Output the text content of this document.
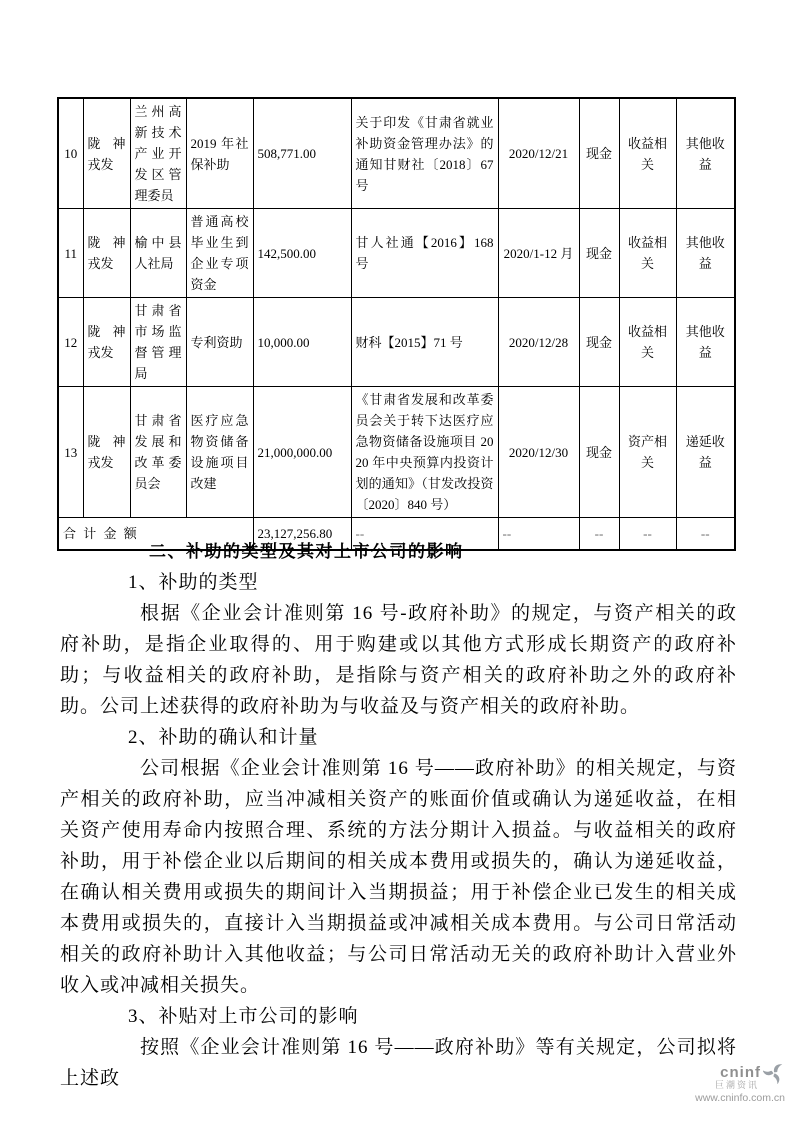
10	陇神戎发	兰州高新技术产业开发区管理委员	2019 年社保补助	508,771.00	关于印发《甘肃省就业补助资金管理办法》的通知甘财社〔2018〕67 号	2020/12/21	现金	收益相关	其他收益
11	陇神戎发	榆中县人社局	普通高校毕业生到企业专项资金	142,500.00	甘人社通【2016】168 号	2020/1-12 月	现金	收益相关	其他收益
12	陇神戎发	甘肃省市场监督管理局	专利资助	10,000.00	财科【2015】71 号	2020/12/28	现金	收益相关	其他收益
13	陇神戎发	甘肃省发展和改革委员会	医疗应急物资储备设施项目改建	21,000,000.00	《甘肃省发展和改革委员会关于转下达医疗应急物资储备设施项目 2020 年中央预算内投资计划的通知》（甘发改投资〔2020〕840 号）	2020/12/30	现金	资产相关	递延收益
合 计 金 额				23,127,256.80	--	--	--	--	--
二、补助的类型及其对上市公司的影响

1、补助的类型

根据《企业会计准则第 16 号-政府补助》的规定，与资产相关的政府补助，是指企业取得的、用于购建或以其他方式形成长期资产的政府补助；与收益相关的政府补助，是指除与资产相关的政府补助之外的政府补助。公司上述获得的政府补助为与收益及与资产相关的政府补助。

2、补助的确认和计量

公司根据《企业会计准则第 16 号——政府补助》的相关规定，与资产相关的政府补助，应当冲减相关资产的账面价值或确认为递延收益，在相关资产使用寿命内按照合理、系统的方法分期计入损益。与收益相关的政府补助，用于补偿企业以后期间的相关成本费用或损失的，确认为递延收益，在确认相关费用或损失的期间计入当期损益；用于补偿企业已发生的相关成本费用或损失的，直接计入当期损益或冲减相关成本费用。与公司日常活动相关的政府补助计入其他收益；与公司日常活动无关的政府补助计入营业外收入或冲减相关损失。

3、补贴对上市公司的影响

按照《企业会计准则第 16 号——政府补助》等有关规定，公司拟将上述政	cninf
巨潮资讯
www.cninfo.com.cn
